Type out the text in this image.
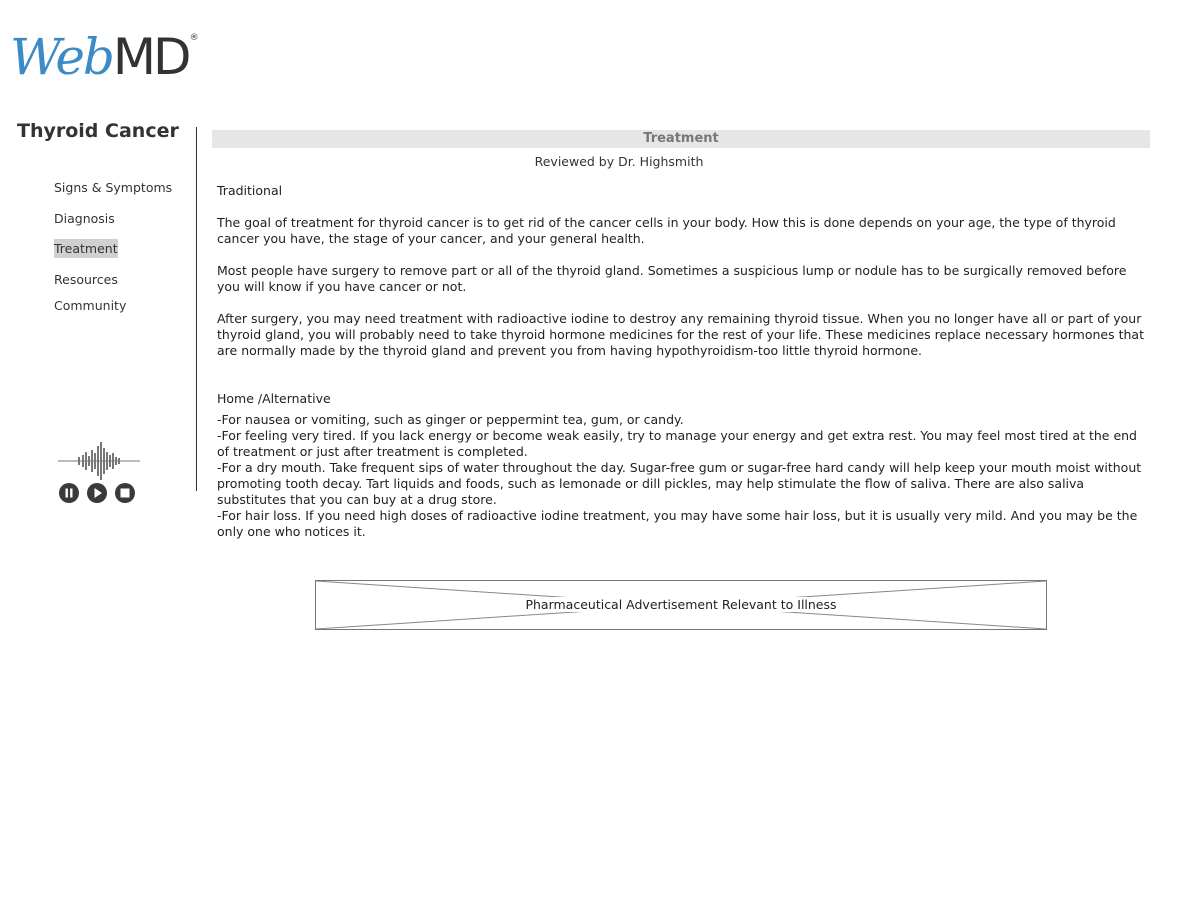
Web MD ®
Thyroid Cancer
Signs & Symptoms
Diagnosis
Treatment
Resources
Community
Treatment
Reviewed by Dr. Highsmith

Traditional

The goal of treatment for thyroid cancer is to get rid of the cancer cells in your body. How this is done depends on your age, the type of thyroid cancer you have, the stage of your cancer, and your general health.

Most people have surgery to remove part or all of the thyroid gland. Sometimes a suspicious lump or nodule has to be surgically removed before you will know if you have cancer or not.

After surgery, you may need treatment with radioactive iodine to destroy any remaining thyroid tissue. When you no longer have all or part of your thyroid gland, you will probably need to take thyroid hormone medicines for the rest of your life. These medicines replace necessary hormones that are normally made by the thyroid gland and prevent you from having hypothyroidism-too little thyroid hormone.

Home /Alternative

-For nausea or vomiting, such as ginger or peppermint tea, gum, or candy.

-For feeling very tired. If you lack energy or become weak easily, try to manage your energy and get extra rest. You may feel most tired at the end of treatment or just after treatment is completed.

-For a dry mouth. Take frequent sips of water throughout the day. Sugar-free gum or sugar-free hard candy will help keep your mouth moist without promoting tooth decay. Tart liquids and foods, such as lemonade or dill pickles, may help stimulate the flow of saliva. There are also saliva substitutes that you can buy at a drug store.

-For hair loss. If you need high doses of radioactive iodine treatment, you may have some hair loss, but it is usually very mild. And you may be the only one who notices it.

Pharmaceutical Advertisement Relevant to Illness
